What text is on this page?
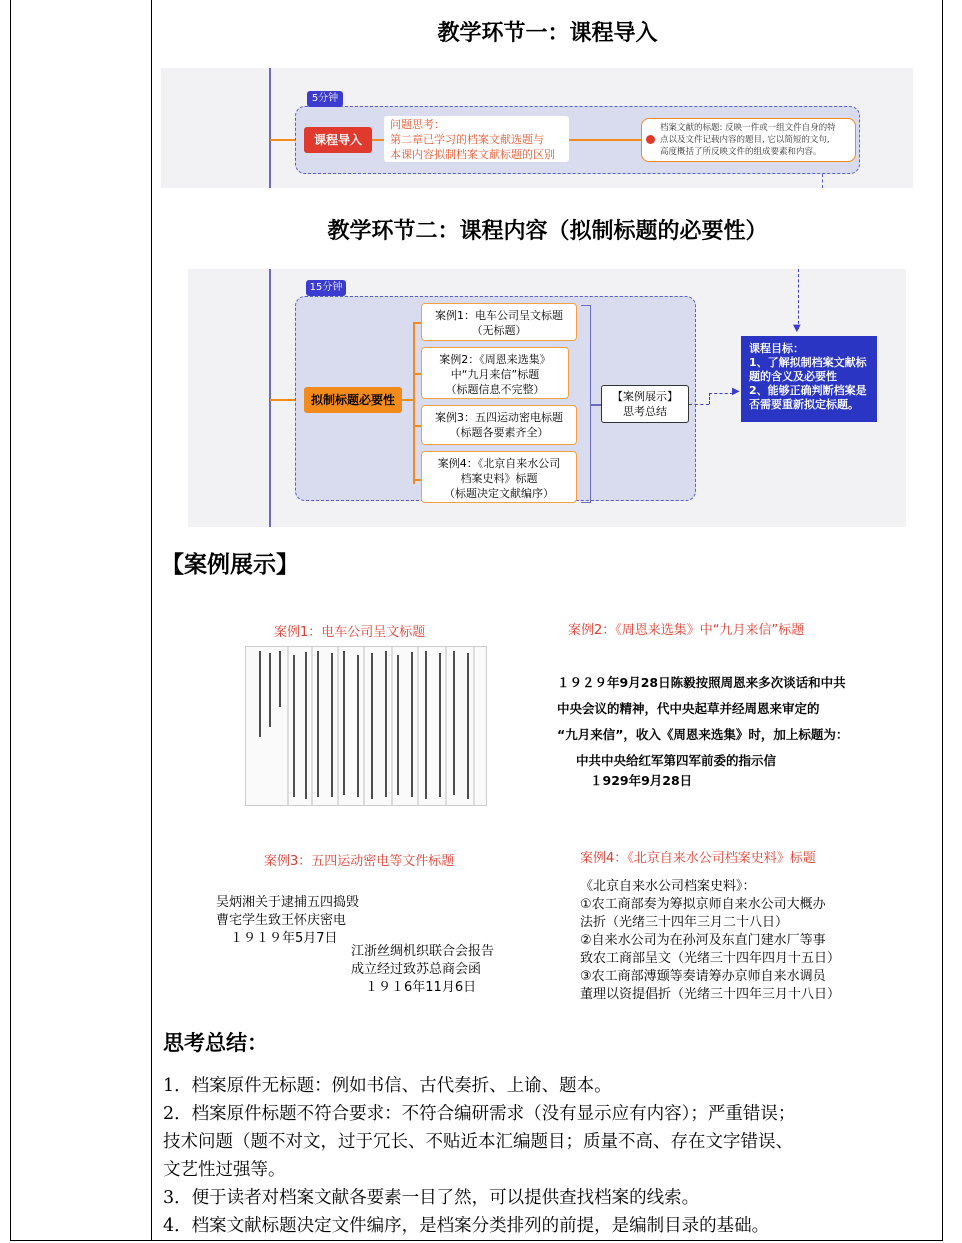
教学环节一：课程导入
5分钟
课程导入
问题思考：
第二章已学习的档案文献选题与
本课内容拟制档案文献标题的区别
档案文献的标题: 反映一件或一组文件自身的特
点以及文件记载内容的题目, 它以简短的文句,
高度概括了所反映文件的组成要素和内容。
教学环节二：课程内容（拟制标题的必要性）
15分钟
拟制标题必要性
案例1：电车公司呈文标题
（无标题）
案例2：《周恩来选集》
中“九月来信”标题
（标题信息不完整）
案例3：五四运动密电标题
（标题各要素齐全）
案例4：《北京自来水公司
档案史料》标题
（标题决定文献编序）
【案例展示】
思考总结
▶
▼
课程目标：
1、了解拟制档案文献标
题的含义及必要性
2、能够正确判断档案是
否需要重新拟定标题。
【案例展示】
案例1：电车公司呈文标题	案例2：《周恩来选集》中“九月来信”标题
１９２９年9月28日陈毅按照周恩来多次谈话和中共
中央会议的精神，代中央起草并经周恩来审定的
“九月来信”，收入《周恩来选集》时，加上标题为：
中共中央给红军第四军前委的指示信
１929年9月28日
案例3：五四运动密电等文件标题
吴炳湘关于逮捕五四捣毁
曹宅学生致王怀庆密电
１９１９年5月7日
江浙丝绸机织联合会报告
成立经过致苏总商会函
１９１6年11月6日
案例4：《北京自来水公司档案史料》标题
《北京自来水公司档案史料》：
①农工商部奏为筹拟京师自来水公司大概办
法折（光绪三十四年三月二十八日）
②自来水公司为在孙河及东直门建水厂等事
致农工商部呈文（光绪三十四年四月十五日）
③农工商部溥颋等奏请筹办京师自来水调员
董理以资提倡折（光绪三十四年三月十八日）
思考总结：
1．档案原件无标题：例如书信、古代奏折、上谕、题本。
2．档案原件标题不符合要求：不符合编研需求（没有显示应有内容）；严重错误；
技术问题（题不对文，过于冗长、不贴近本汇编题目；质量不高、存在文字错误、
文艺性过强等。
3．便于读者对档案文献各要素一目了然，可以提供查找档案的线索。
4．档案文献标题决定文件编序，是档案分类排列的前提，是编制目录的基础。
